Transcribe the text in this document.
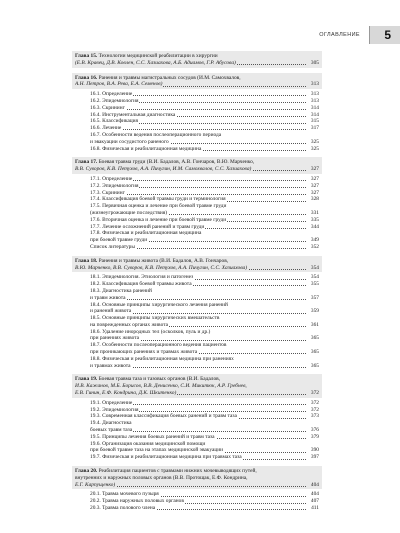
ОГЛАВЛЕНИЕ 5
Глава 15. Технологии медицинской реабилитации в хирургии
(Е.В. Кравец, Д.В. Ковлен, С.С. Хазиахова, А.Б. Адиамов, Г.Р. Абусова)	305
Глава 16. Ранения и травмы магистральных сосудов (И.М. Самохвалов,
А.Н. Петров, В.А. Рева, Е.А. Семенов)	313
16.1. Определение	313
16.2. Эпидемиология	313
16.3. Скрининг	314
16.4. Инструментальная диагностика	314
16.5. Классификация	315
16.6. Лечение	317
16.7. Особенности ведения послеоперационного периода
и эвакуации сосудистого раненого	325
16.8. Физическая и реабилитационная медицина	325
Глава 17. Боевая травма груди (В.И. Бадалов, А.В. Гончаров, В.Ю. Марченко,
В.В. Суворов, К.В. Петухов, А.А. Пичугин, И.М. Самохвалов, С.С. Хазиахова)	327
17.1. Определение	327
17.2. Эпидемиология	327
17.3. Скрининг	327
17.4. Классификация боевой травмы груди и терминология	328
17.5. Первичная оценка и лечение при боевой травме груди
(жизнеугрожающие последствия)	331
17.6. Вторичная оценка и лечение при боевой травме груди	335
17.7. Лечение осложнений ранений и травм груди	344
17.8. Физическая и реабилитационная медицина
при боевой травме груди	349
Список литературы	352
Глава 18. Ранения и травмы живота (В.И. Бадалов, А.В. Гончаров,
В.Ю. Марченко, В.В. Суворов, К.В. Петухов, А.А. Пичугин, С.С. Хазиахова)	354
18.1. Эпидемиология. Этиология и патогенез	354
18.2. Классификация боевой травмы живота	355
18.3. Диагностика ранений
и травм живота	357
18.4. Основные принципы хирургического лечения ранений
и ранений живота	359
18.5. Основные принципы хирургических вмешательств
на поврежденных органах живота	361
18.6. Удаление инородных тел (осколков, пуль и др.)
при ранениях живота	365
18.7. Особенности послеоперационного ведения пациентов
при проникающих ранениях и травмах живота	365
18.8. Физическая и реабилитационная медицина при ранениях
и травмах живота	365
Глава 19. Боевая травма таза и тазовых органов (В.И. Бадалов,
И.В. Кажанов, М.Б. Борисов, В.В. Денисенко, С.И. Микитюк, А.Р. Гребнев,
Е.В. Гинин, Е.Ф. Кондрина, Д.К. Шкитенко)	372
19.1. Определение	372
19.2. Эпидемиология	372
19.3. Современная классификация боевых ранений и травм таза	373
19.4. Диагностика
боевых травм таза	376
19.5. Принципы лечения боевых ранений и травм таза	379
19.6. Организация оказания медицинской помощи
при боевой травме таза на этапах медицинской эвакуации	390
19.7. Физическая и реабилитационная медицина при травмах таза	397
Глава 20. Реабилитация пациентов с травмами нижних мочевыводящих путей,
внутренних и наружных половых органов (В.В. Протощак, Е.Ф. Кондрина,
Е.Г. Карпущенко)	404
20.1. Травма мочевого пузыря	404
20.2. Травма наружных половых органов	407
20.3. Травма полового члена	411
